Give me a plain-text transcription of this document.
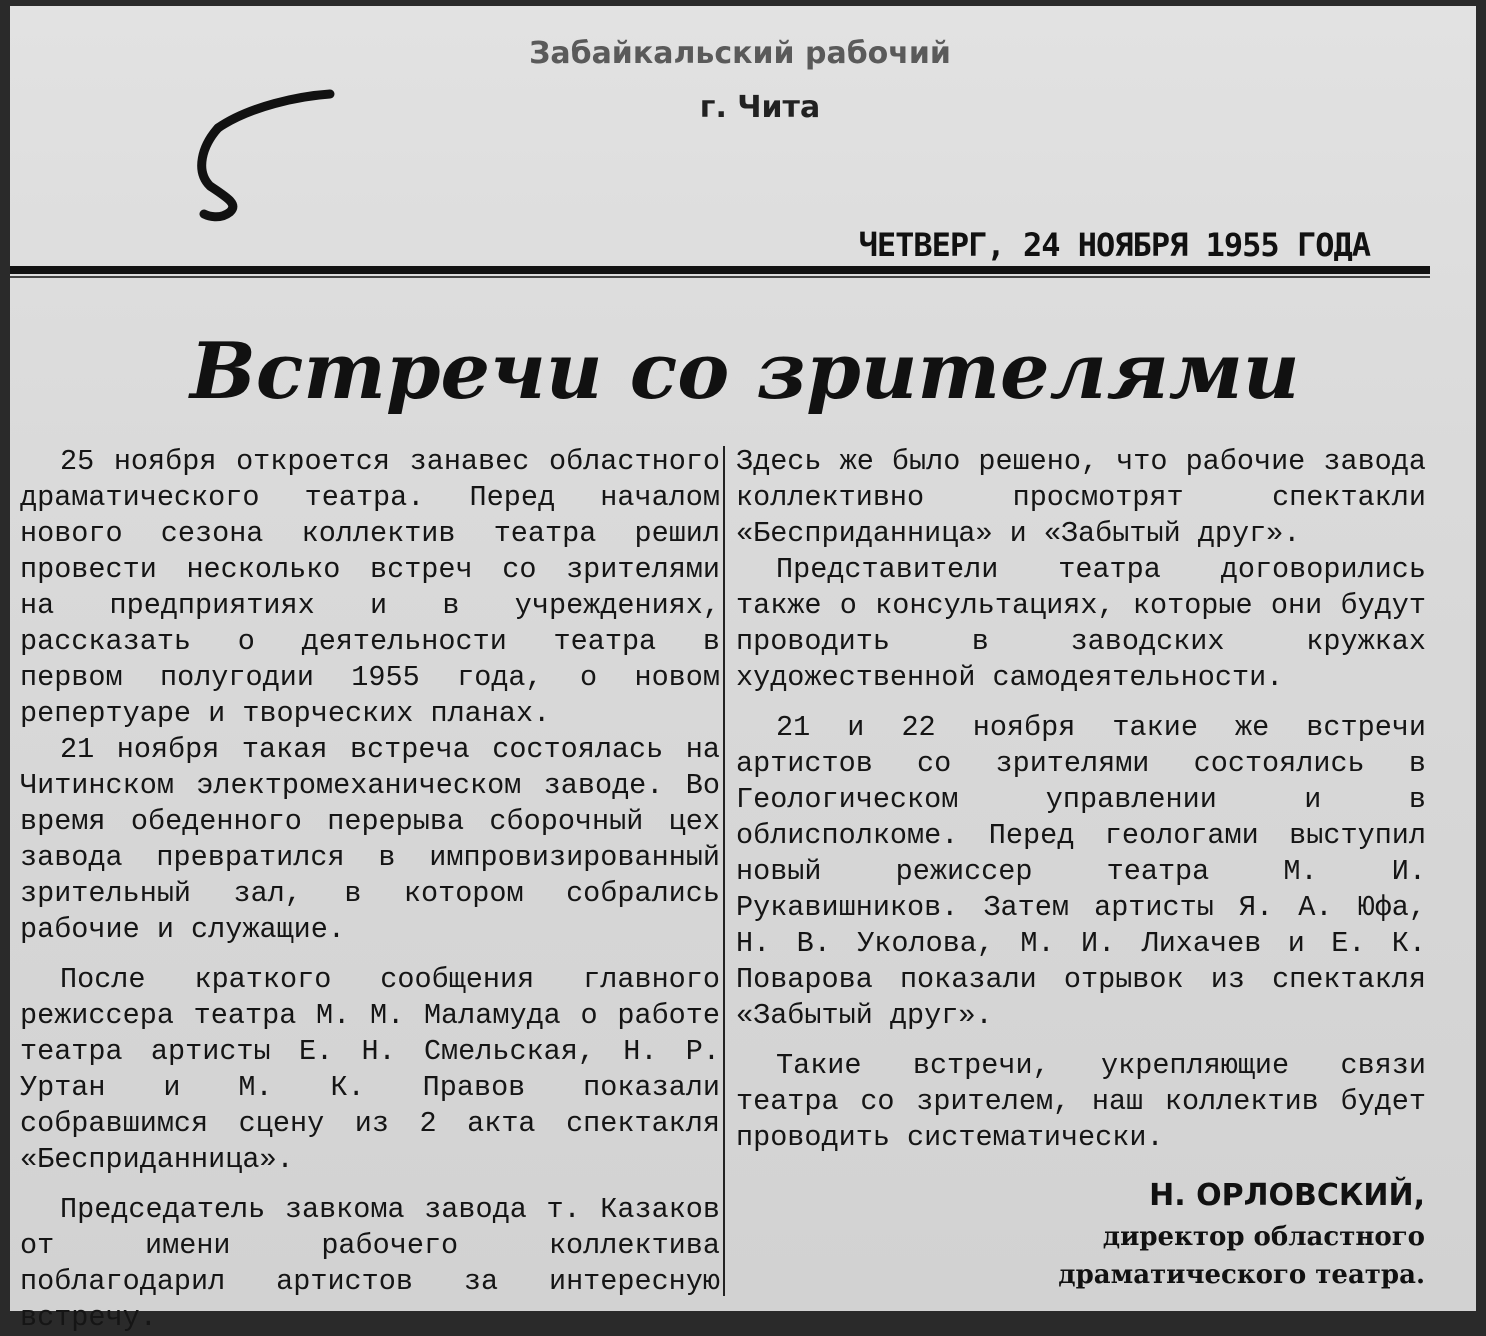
Забайкальский рабочий
г. Чита
ЧЕТВЕРГ, 24 НОЯБРЯ 1955 ГОДА
Встречи со зрителями

25 ноября откроется занавес областного драматического театра. Перед началом нового сезона коллектив театра решил провести несколько встреч со зрителями на предприятиях и в учреждениях, рассказать о деятельности театра в первом полугодии 1955 года, о новом репертуаре и творческих планах.

21 ноября такая встреча состоялась на Читинском электромеханическом заводе. Во время обеденного перерыва сборочный цех завода превратился в импровизированный зрительный зал, в котором собрались рабочие и служащие.

После краткого сообщения главного режиссера театра М. М. Маламуда о работе театра артисты Е. Н. Смельская, Н. Р. Уртан и М. К. Правов показали собравшимся сцену из 2 акта спектакля «Бесприданница».

Председатель завкома завода т. Казаков от имени рабочего коллектива поблагодарил артистов за интересную встречу.

Здесь же было решено, что рабочие завода коллективно просмотрят спектакли «Бесприданница» и «Забытый друг».

Представители театра договорились также о консультациях, которые они будут проводить в заводских кружках художественной самодеятельности.

21 и 22 ноября такие же встречи артистов со зрителями состоялись в Геологическом управлении и в облисполкоме. Перед геологами выступил новый режиссер театра М. И. Рукавишников. Затем артисты Я. А. Юфа, Н. В. Уколова, М. И. Лихачев и Е. К. Поварова показали отрывок из спектакля «Забытый друг».

Такие встречи, укрепляющие связи театра со зрителем, наш коллектив будет проводить систематически.

Н. ОРЛОВСКИЙ,
директор областного драматического театра.
